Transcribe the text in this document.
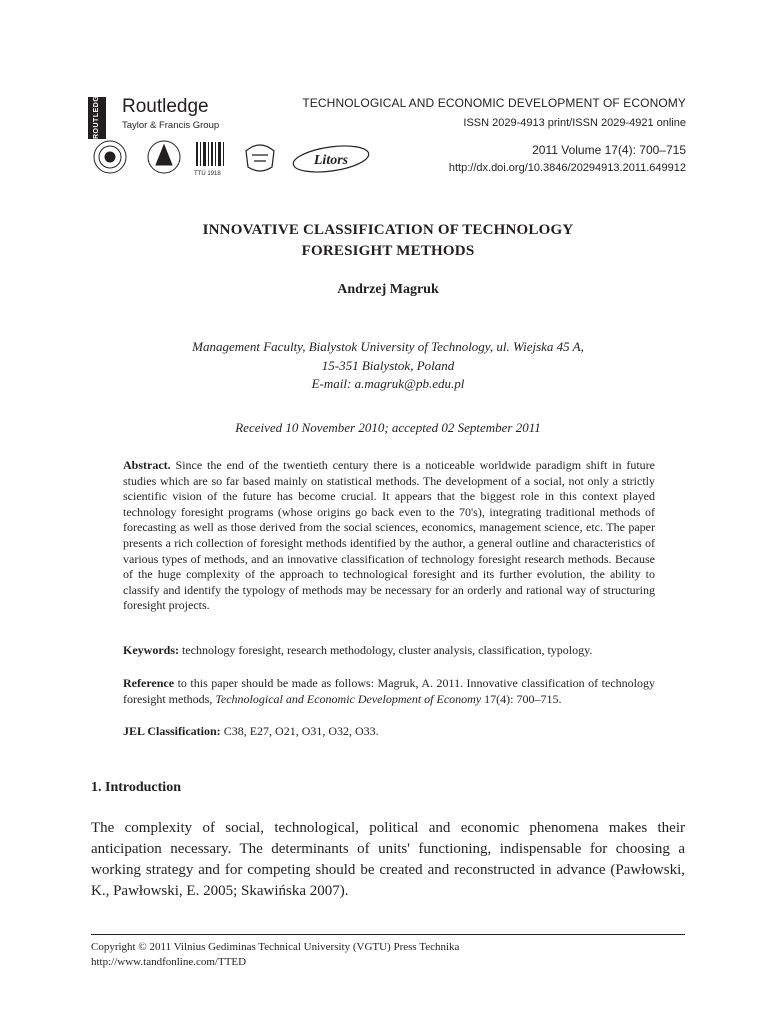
ROUTLEDGE	Routledge
Taylor & Francis Group
Litors
TTÜ 1918
TECHNOLOGICAL AND ECONOMIC DEVELOPMENT OF ECONOMY
ISSN 2029-4913 print/ISSN 2029-4921 online
2011 Volume 17(4): 700–715
http://dx.doi.org/10.3846/20294913.2011.649912
INNOVATIVE CLASSIFICATION OF TECHNOLOGY
FORESIGHT METHODS
Andrzej Magruk
Management Faculty, Bialystok University of Technology, ul. Wiejska 45 A,
15-351 Bialystok, Poland
E-mail: a.magruk@pb.edu.pl
Received 10 November 2010; accepted 02 September 2011
Abstract. Since the end of the twentieth century there is a noticeable worldwide paradigm shift in future studies which are so far based mainly on statistical methods. The development of a social, not only a strictly scientific vision of the future has become crucial. It appears that the biggest role in this context played technology foresight programs (whose origins go back even to the 70's), integrating traditional methods of forecasting as well as those derived from the social sciences, economics, management science, etc. The paper presents a rich collection of foresight methods identified by the author, a general outline and characteristics of various types of methods, and an innovative classification of technology foresight research methods. Because of the huge complexity of the approach to technological foresight and its further evolution, the ability to classify and identify the typology of methods may be necessary for an orderly and rational way of structuring foresight projects.
Keywords: technology foresight, research methodology, cluster analysis, classification, typology.
Reference to this paper should be made as follows: Magruk, A. 2011. Innovative classification of technology foresight methods, Technological and Economic Development of Economy 17(4): 700–715.
JEL Classification: C38, E27, O21, O31, O32, O33.
1. Introduction
The complexity of social, technological, political and economic phenomena makes their anticipation necessary. The determinants of units' functioning, indispensable for choosing a working strategy and for competing should be created and reconstructed in advance (Pawłowski, K., Pawłowski, E. 2005; Skawińska 2007).
Copyright © 2011 Vilnius Gediminas Technical University (VGTU) Press Technika
http://www.tandfonline.com/TTED
